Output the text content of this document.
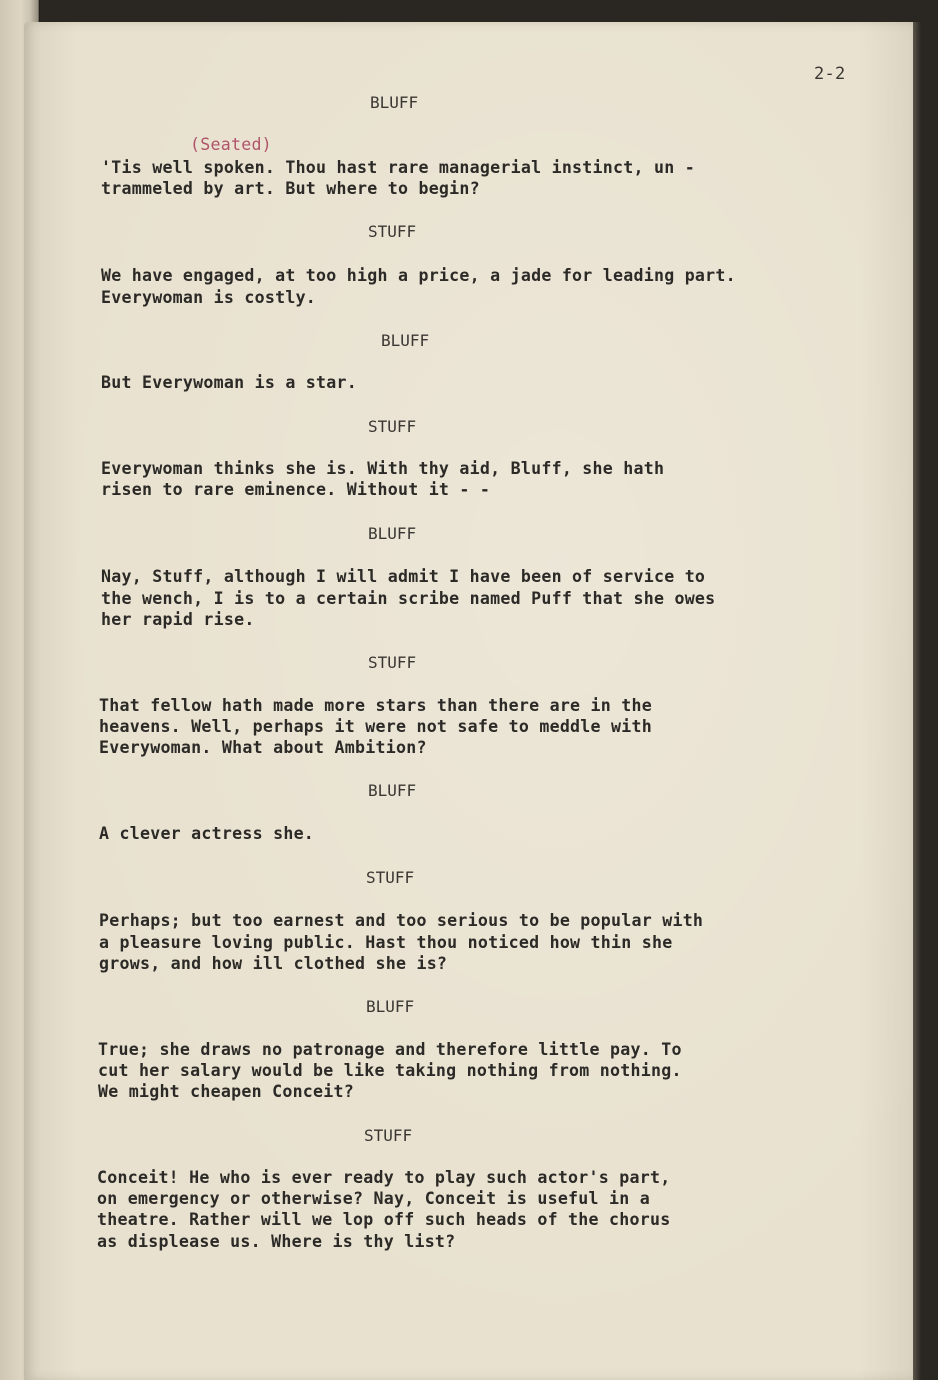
2-2
BLUFF
(Seated)
'Tis well spoken. Thou hast rare managerial instinct, un -
trammeled by art. But where to begin?
STUFF
We have engaged, at too high a price, a jade for leading part.
Everywoman is costly.
BLUFF
But Everywoman is a star.
STUFF
Everywoman thinks she is. With thy aid, Bluff, she hath
risen to rare eminence. Without it - -
BLUFF
Nay, Stuff, although I will admit I have been of service to
the wench, I is to a certain scribe named Puff that she owes
her rapid rise.
STUFF
That fellow hath made more stars than there are in the
heavens. Well, perhaps it were not safe to meddle with
Everywoman. What about Ambition?
BLUFF
A clever actress she.
STUFF
Perhaps; but too earnest and too serious to be popular with
a pleasure loving public. Hast thou noticed how thin she
grows, and how ill clothed she is?
BLUFF
True; she draws no patronage and therefore little pay. To
cut her salary would be like taking nothing from nothing.
We might cheapen Conceit?
STUFF
Conceit! He who is ever ready to play such actor's part,
on emergency or otherwise? Nay, Conceit is useful in a
theatre. Rather will we lop off such heads of the chorus
as displease us. Where is thy list?
